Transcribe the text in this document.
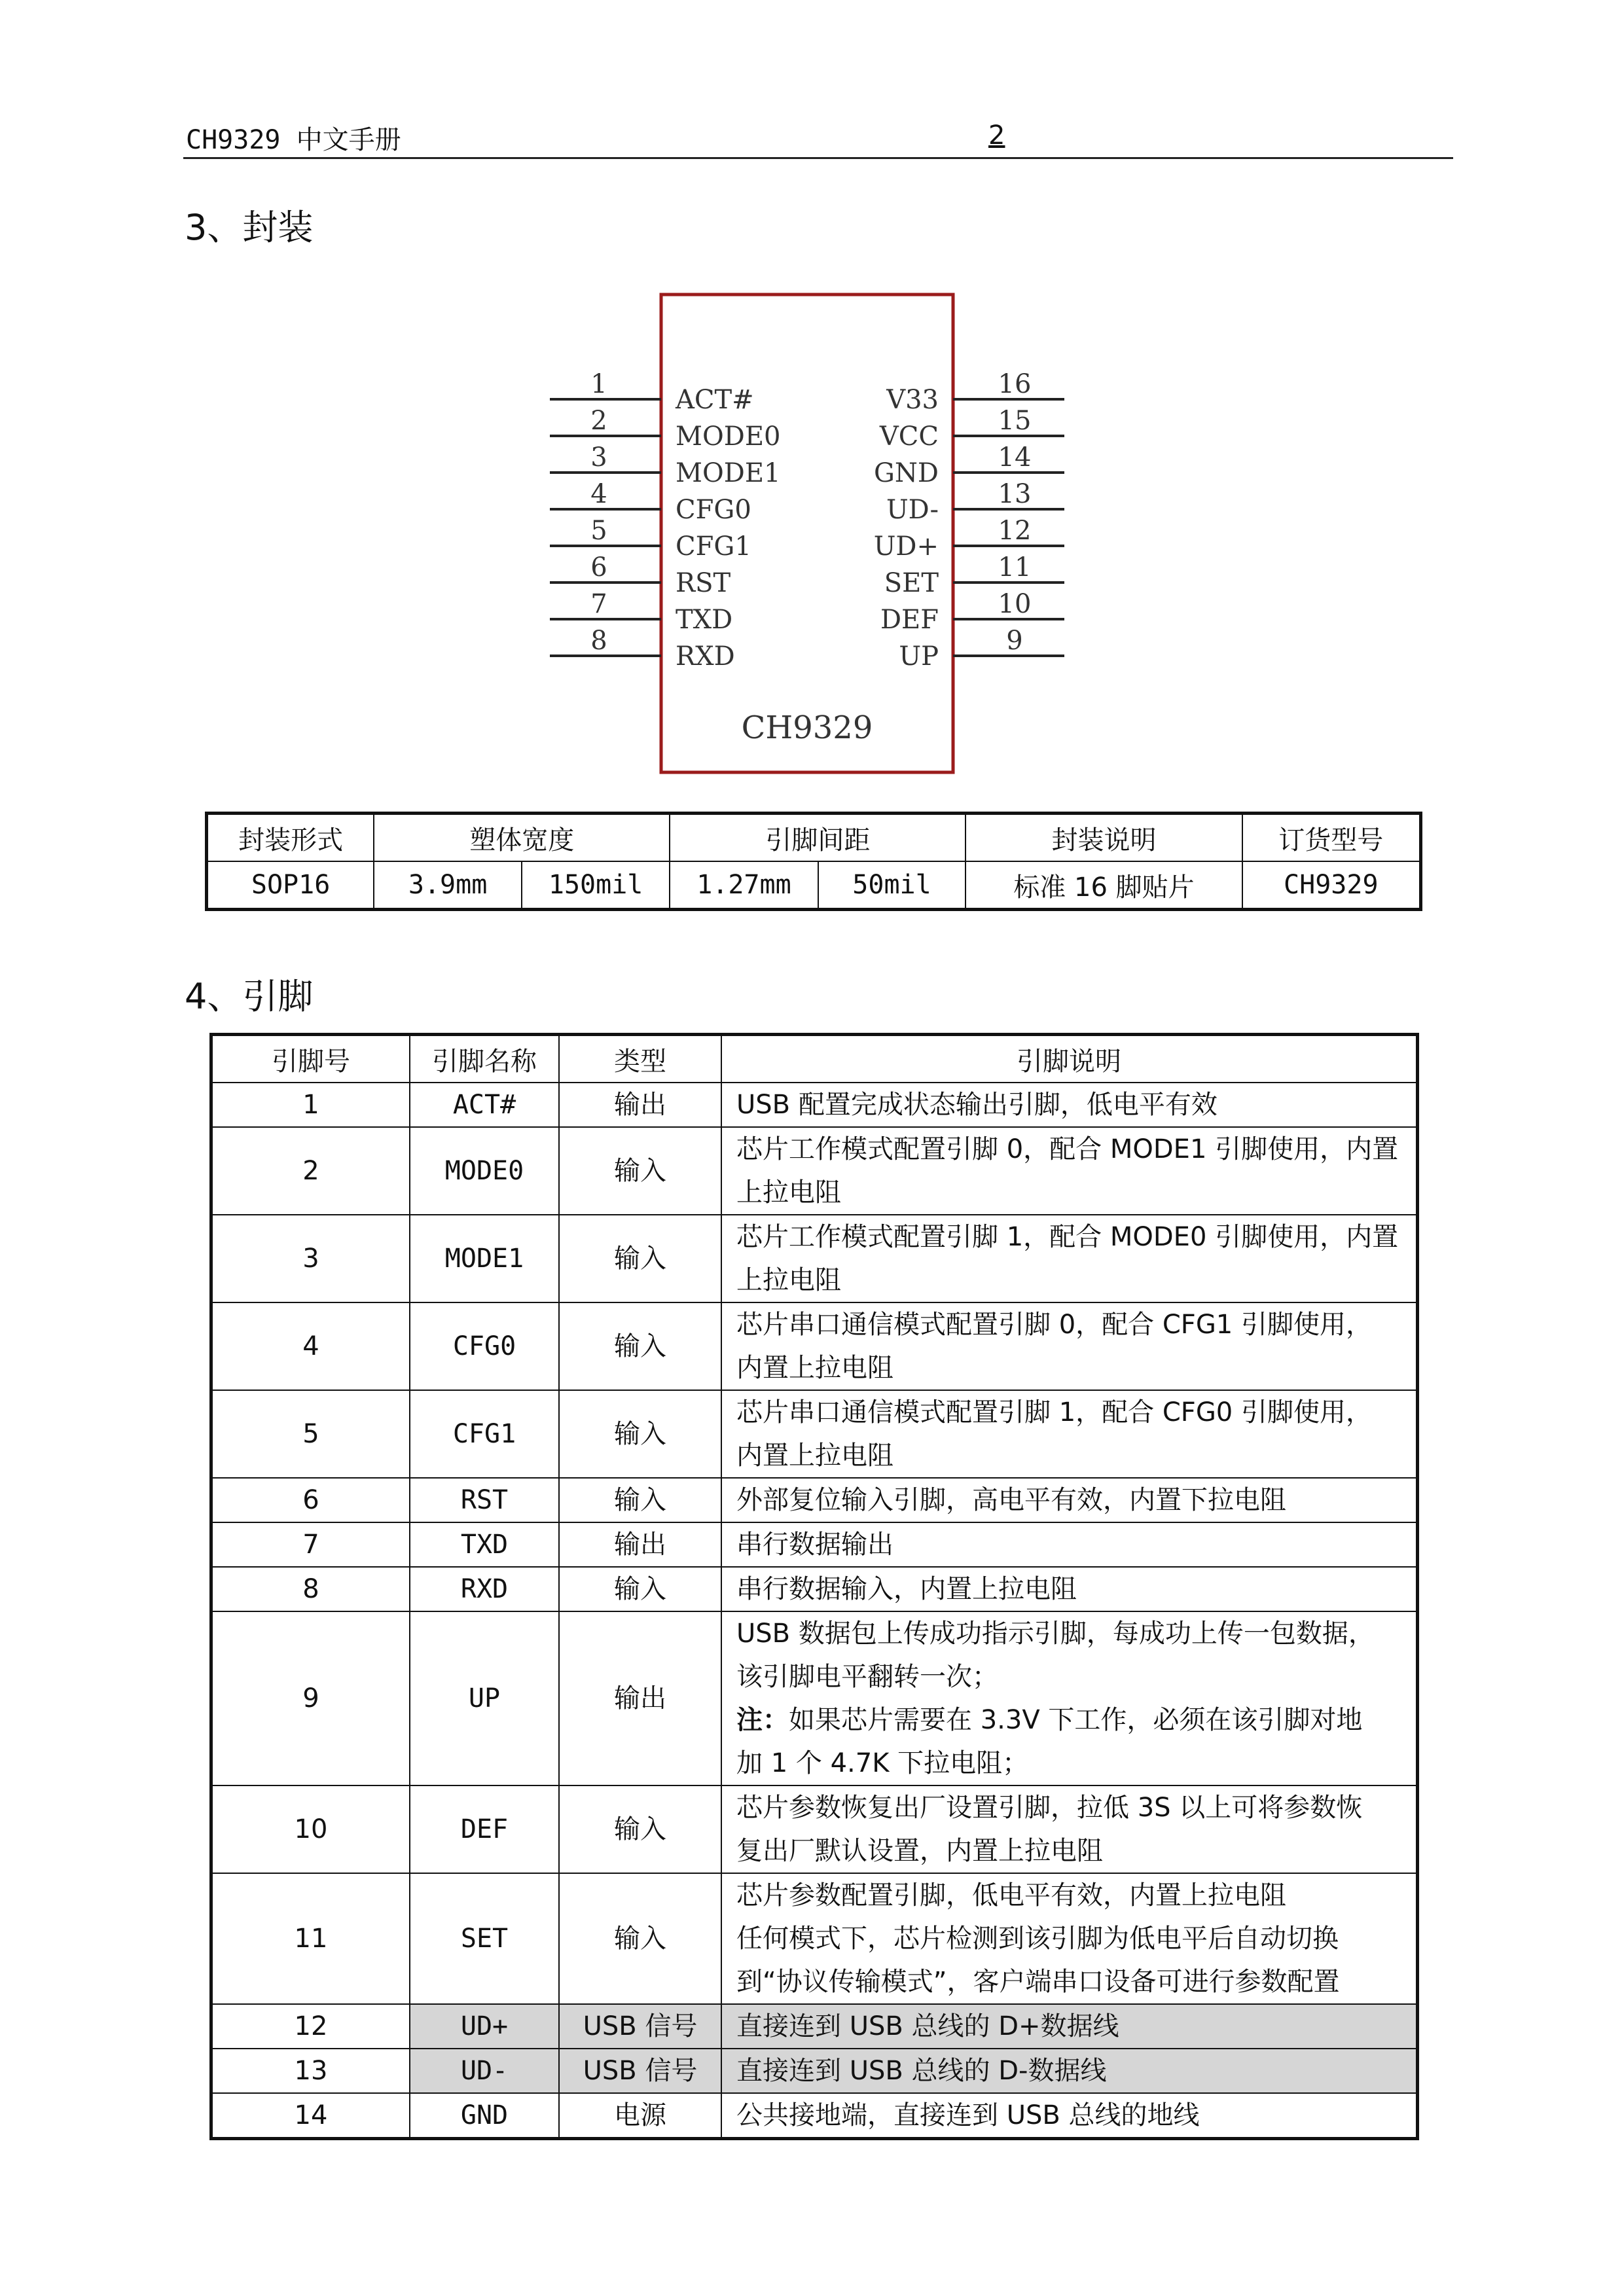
CH9329 中文手册	2
3、封装
1
ACT#
2
MODE0
3
MODE1
4
CFG0
5
CFG1
6
RST
7
TXD
8
RXD
16
V33
15
VCC
14
GND
13
UD-
12
UD+
11
SET
10
DEF
9
UP
CH9329
封装形式	塑体宽度		引脚间距		封装说明	订货型号
SOP16	3.9mm	150mil	1.27mm	50mil	标准 16 脚贴片	CH9329
4、引脚
引脚号	引脚名称	类型	引脚说明
1	ACT#	输出	USB 配置完成状态输出引脚，低电平有效

2	MODE0	输入	芯片工作模式配置引脚 0，配合 MODE1 引脚使用，内置
上拉电阻

3	MODE1	输入	芯片工作模式配置引脚 1，配合 MODE0 引脚使用，内置
上拉电阻

4	CFG0	输入	芯片串口通信模式配置引脚 0，配合 CFG1 引脚使用，
内置上拉电阻

5	CFG1	输入	芯片串口通信模式配置引脚 1，配合 CFG0 引脚使用，
内置上拉电阻

6	RST	输入	外部复位输入引脚，高电平有效，内置下拉电阻

7	TXD	输出	串行数据输出

8	RXD	输入	串行数据输入，内置上拉电阻

9	UP	输出	USB 数据包上传成功指示引脚，每成功上传一包数据，
该引脚电平翻转一次；
注：如果芯片需要在 3.3V 下工作，必须在该引脚对地
加 1 个 4.7K 下拉电阻；

10	DEF	输入	芯片参数恢复出厂设置引脚，拉低 3S 以上可将参数恢
复出厂默认设置，内置上拉电阻

11	SET	输入	芯片参数配置引脚，低电平有效，内置上拉电阻
任何模式下，芯片检测到该引脚为低电平后自动切换
到“协议传输模式”，客户端串口设备可进行参数配置

12	UD+	USB 信号	直接连到 USB 总线的 D+数据线

13	UD-	USB 信号	直接连到 USB 总线的 D-数据线

14	GND	电源	公共接地端，直接连到 USB 总线的地线
